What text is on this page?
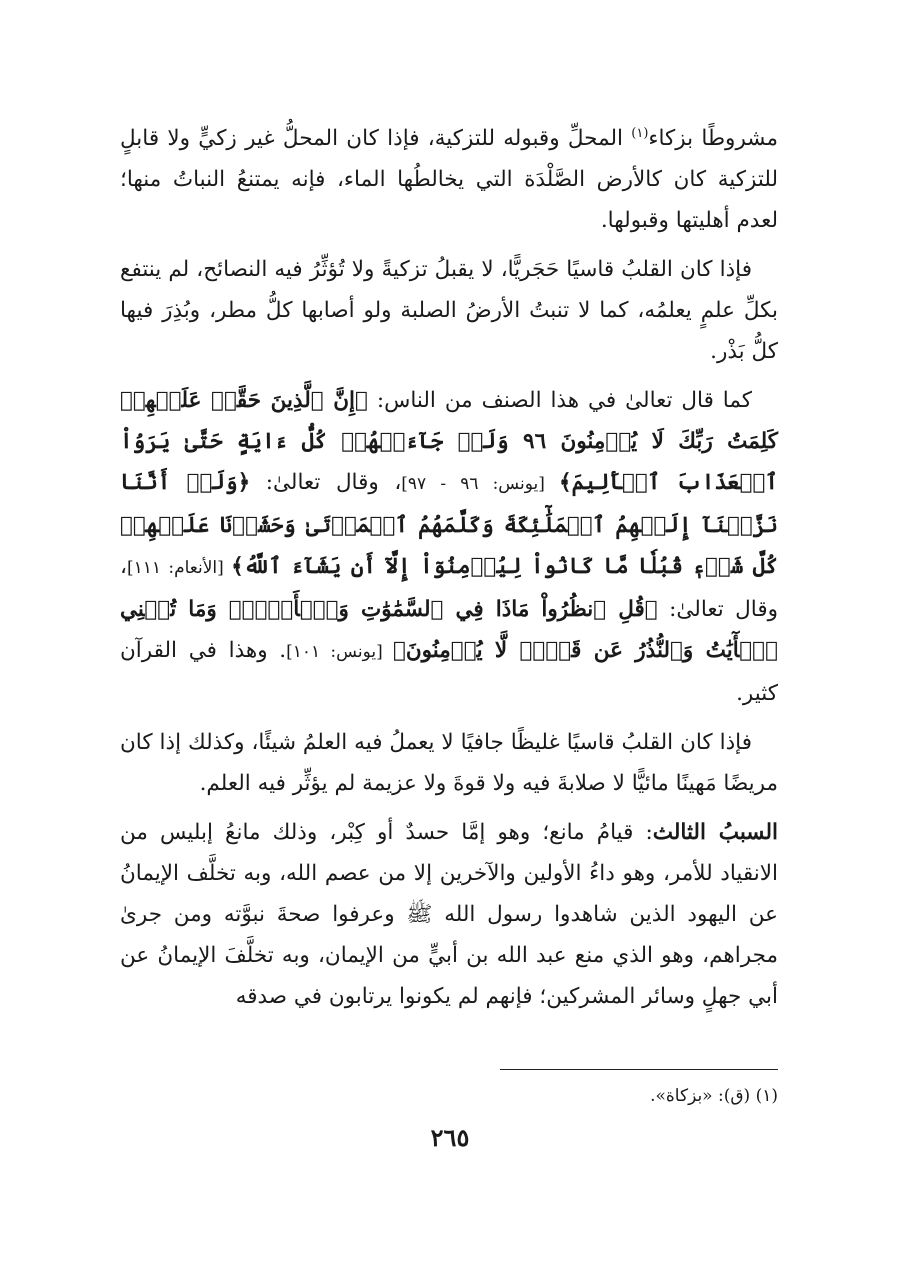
مشروطًا بزكاء$^{(١)}$ المحلِّ وقبوله للتزكية، فإذا كان المحلُّ غير زكيٍّ ولا قابلٍ للتزكية كان كالأرض الصَّلْدَة التي يخالطُها الماء، فإنه يمتنعُ النباتُ منها؛ لعدم أهليتها وقبولها.

فإذا كان القلبُ قاسيًا حَجَريًّا، لا يقبلُ تزكيةً ولا تُؤثِّرُ فيه النصائح، لم ينتفع بكلِّ علمٍ يعلمُه، كما لا تنبتُ الأرضُ الصلبة ولو أصابها كلُّ مطر، وبُذِرَ فيها كلُّ بَذْر.

كما قال تعالىٰ في هذا الصنف من الناس: ﴿إِنَّ ٱلَّذِينَ حَقَّتۡ عَلَيۡهِمۡ كَلِمَتُ رَبِّكَ لَا يُؤۡمِنُونَ ٩٦ وَلَوۡ جَآءَتۡهُمۡ كُلُّ ءَايَةٍ حَتَّىٰ يَرَوُاْ ٱلۡعَذَابَ ٱلۡأَلِيمَ﴾ [يونس: ٩٦ - ٩٧]، وقال تعالىٰ: ﴿وَلَوۡ أَنَّنَا نَزَّلۡنَآ إِلَيۡهِمُ ٱلۡمَلَٰٓئِكَةَ وَكَلَّمَهُمُ ٱلۡمَوۡتَىٰ وَحَشَرۡنَا عَلَيۡهِمۡ كُلَّ شَيۡءٖ قُبُلٗا مَّا كَانُواْ لِيُؤۡمِنُوٓاْ إِلَّآ أَن يَشَآءَ ٱللَّهُ﴾ [الأنعام: ١١١]، وقال تعالىٰ: ﴿قُلِ ٱنظُرُواْ مَاذَا فِي ٱلسَّمَٰوَٰتِ وَٱلۡأَرۡضِۚ وَمَا تُغۡنِي ٱلۡأٓيَٰتُ وَٱلنُّذُرُ عَن قَوۡمٖ لَّا يُؤۡمِنُونَ﴾ [يونس: ١٠١]. وهذا في القرآن كثير.

فإذا كان القلبُ قاسيًا غليظًا جافيًا لا يعملُ فيه العلمُ شيئًا، وكذلك إذا كان مريضًا مَهينًا مائيًّا لا صلابةَ فيه ولا قوةَ ولا عزيمة لم يؤثِّر فيه العلم.

السببُ الثالث: قيامُ مانع؛ وهو إمَّا حسدٌ أو كِبْر، وذلك مانعُ إبليس من الانقياد للأمر، وهو داءُ الأولين والآخرين إلا من عصم الله، وبه تخلَّف الإيمانُ عن اليهود الذين شاهدوا رسول الله ﷺ وعرفوا صحةَ نبوَّته ومن جرىٰ مجراهم، وهو الذي منع عبد الله بن أبيٍّ من الإيمان، وبه تخلَّفَ الإيمانُ عن أبي جهلٍ وسائر المشركين؛ فإنهم لم يكونوا يرتابون في صدقه

(١) (ق): «بزكاة».
٢٦٥
